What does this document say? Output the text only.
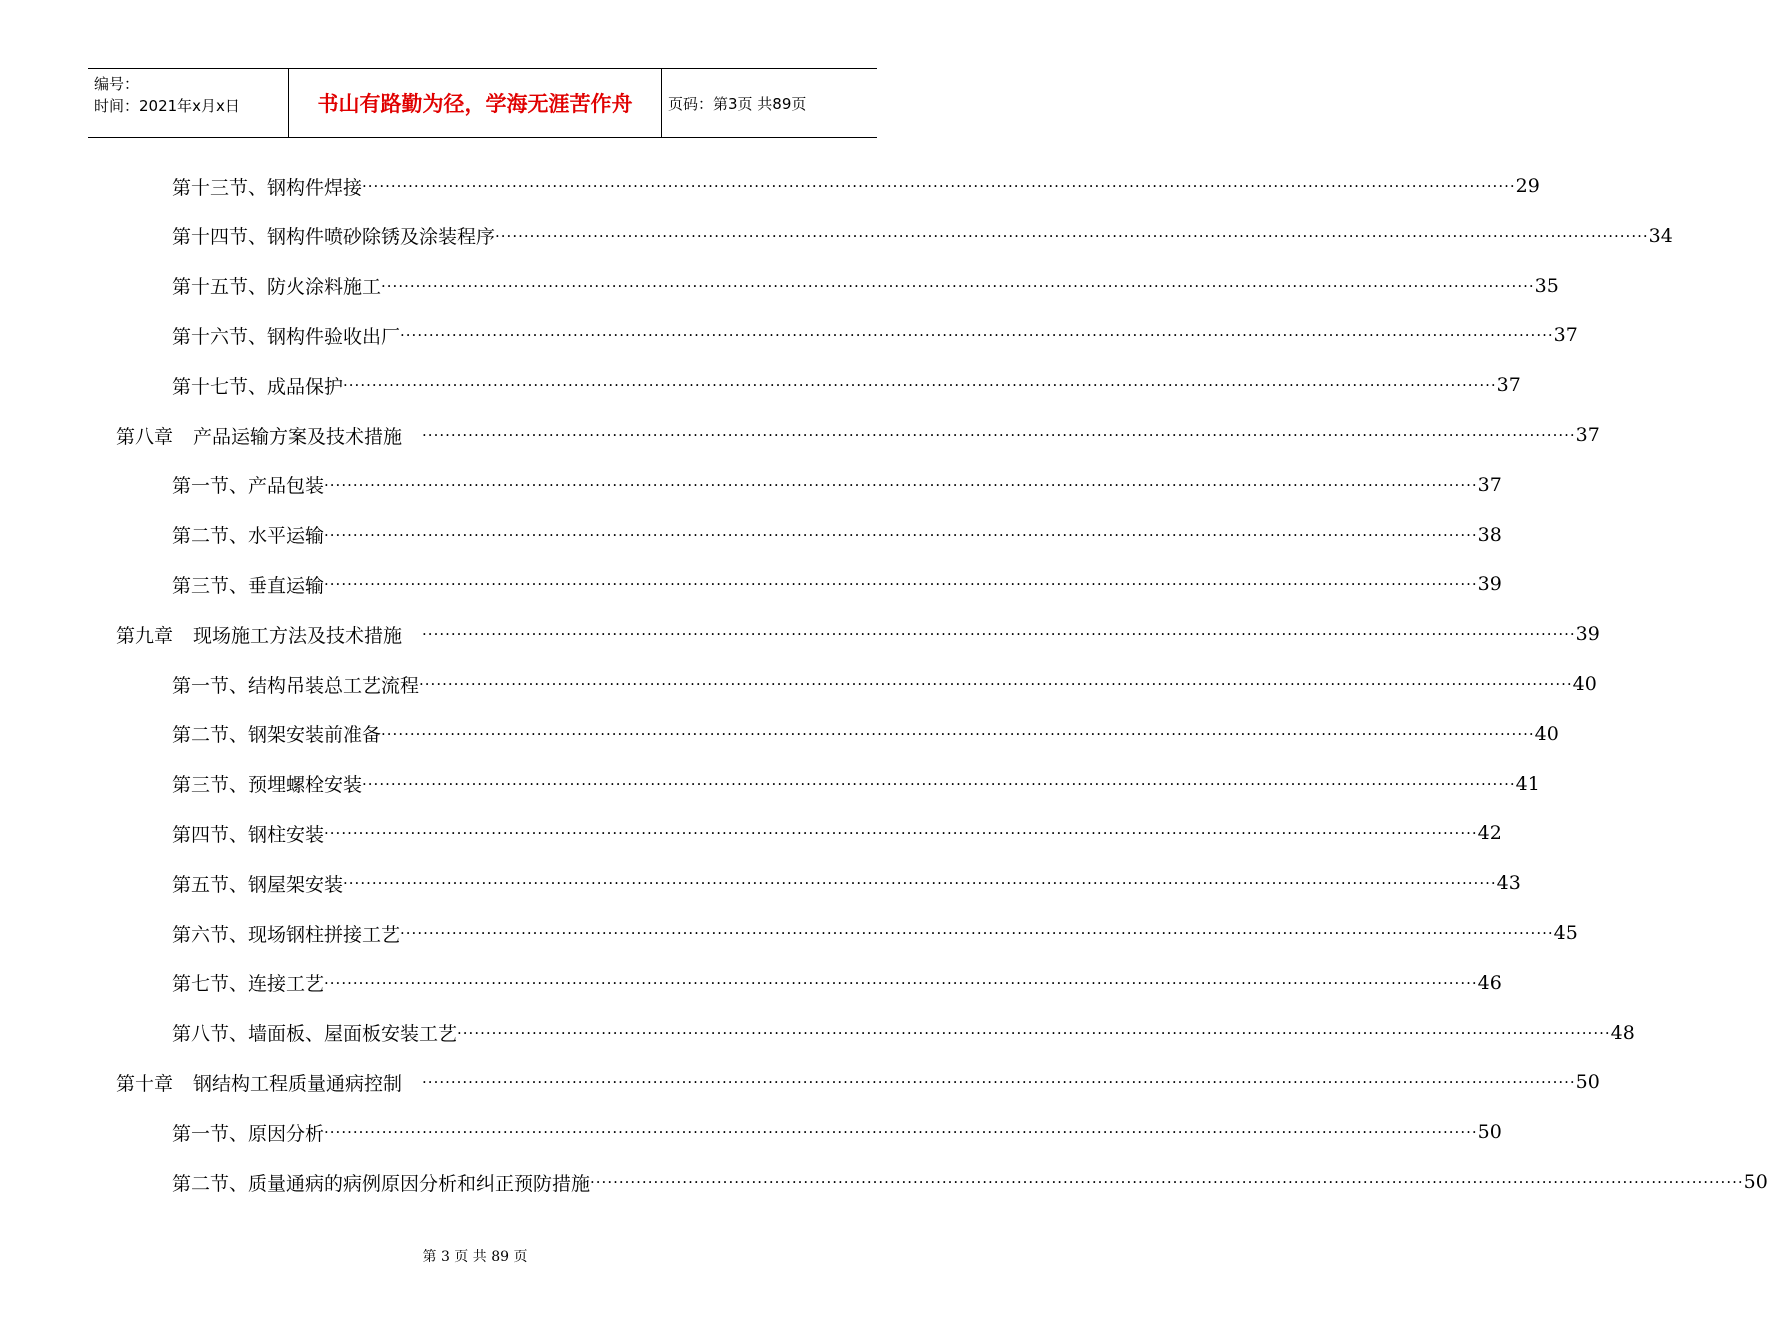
编号：
时间：2021年x月x日	书山有路勤为径，学海无涯苦作舟	页码：第3页 共89页
第十三节、钢构件焊接 ········································································································································································································ 29
第十四节、钢构件喷砂除锈及涂装程序 ········································································································································································································ 34
第十五节、防火涂料施工 ········································································································································································································ 35
第十六节、钢构件验收出厂 ········································································································································································································ 37
第十七节、成品保护 ········································································································································································································ 37
第八章 产品运输方案及技术措施	········································································································································································································ 37
第一节、产品包装 ········································································································································································································ 37
第二节、水平运输 ········································································································································································································ 38
第三节、垂直运输 ········································································································································································································ 39
第九章 现场施工方法及技术措施	········································································································································································································ 39
第一节、结构吊装总工艺流程 ········································································································································································································ 40
第二节、钢架安装前准备 ········································································································································································································ 40
第三节、预埋螺栓安装 ········································································································································································································ 41
第四节、钢柱安装 ········································································································································································································ 42
第五节、钢屋架安装 ········································································································································································································ 43
第六节、现场钢柱拼接工艺 ········································································································································································································ 45
第七节、连接工艺 ········································································································································································································ 46
第八节、墙面板、屋面板安装工艺 ········································································································································································································ 48
第十章 钢结构工程质量通病控制	········································································································································································································ 50
第一节、原因分析 ········································································································································································································ 50
第二节、质量通病的病例原因分析和纠正预防措施 ········································································································································································································ 50
第 3 页 共 89 页
